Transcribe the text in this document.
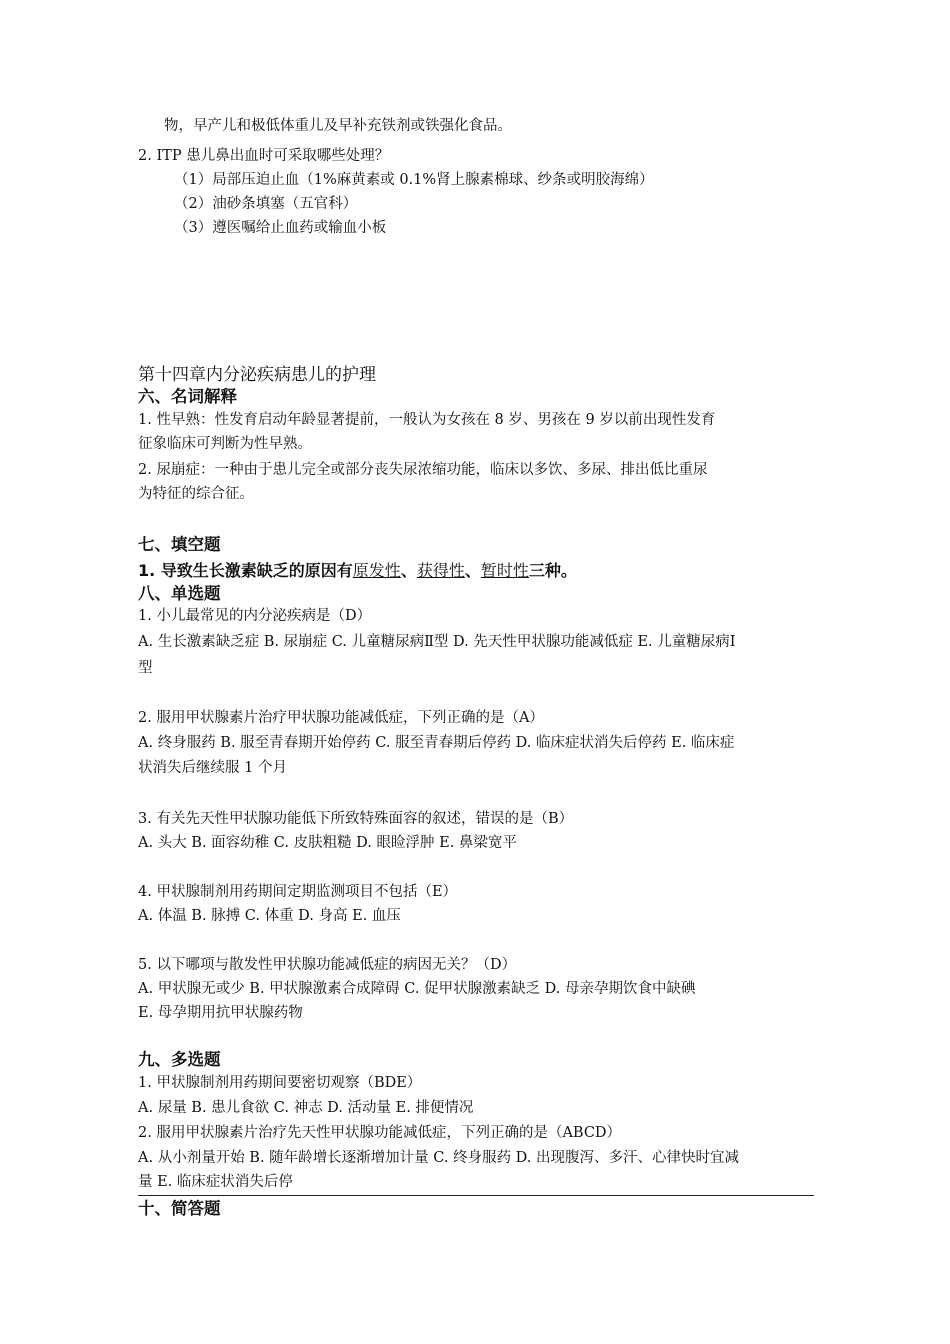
物，早产儿和极低体重儿及早补充铁剂或铁强化食品。
2. ITP 患儿鼻出血时可采取哪些处理？
（1）局部压迫止血（1%麻黄素或 0.1%肾上腺素棉球、纱条或明胶海绵）
（2）油砂条填塞（五官科）
（3）遵医嘱给止血药或输血小板
第十四章内分泌疾病患儿的护理
六、名词解释
1. 性早熟：性发育启动年龄显著提前，一般认为女孩在 8 岁、男孩在 9 岁以前出现性发育
征象临床可判断为性早熟。
2. 尿崩症：一种由于患儿完全或部分丧失尿浓缩功能，临床以多饮、多尿、排出低比重尿
为特征的综合征。
七、填空题
1. 导致生长激素缺乏的原因有原发性、获得性、暂时性三种。
八、单选题
1. 小儿最常见的内分泌疾病是（D）
A. 生长激素缺乏症 B. 尿崩症 C. 儿童糖尿病Ⅱ型 D. 先天性甲状腺功能减低症 E. 儿童糖尿病Ⅰ
型
2. 服用甲状腺素片治疗甲状腺功能减低症，下列正确的是（A）
A. 终身服药 B. 服至青春期开始停药 C. 服至青春期后停药 D. 临床症状消失后停药 E. 临床症
状消失后继续服 1 个月
3. 有关先天性甲状腺功能低下所致特殊面容的叙述，错误的是（B）
A. 头大 B. 面容幼稚 C. 皮肤粗糙 D. 眼睑浮肿 E. 鼻梁宽平
4. 甲状腺制剂用药期间定期监测项目不包括（E）
A. 体温 B. 脉搏 C. 体重 D. 身高 E. 血压
5. 以下哪项与散发性甲状腺功能减低症的病因无关？（D）
A. 甲状腺无或少 B. 甲状腺激素合成障碍 C. 促甲状腺激素缺乏 D. 母亲孕期饮食中缺碘
E. 母孕期用抗甲状腺药物
九、多选题
1. 甲状腺制剂用药期间要密切观察（BDE）
A. 尿量 B. 患儿食欲 C. 神志 D. 活动量 E. 排便情况
2. 服用甲状腺素片治疗先天性甲状腺功能减低症，下列正确的是（ABCD）
A. 从小剂量开始 B. 随年龄增长逐渐增加计量 C. 终身服药 D. 出现腹泻、多汗、心律快时宜减
量 E. 临床症状消失后停
十、简答题
